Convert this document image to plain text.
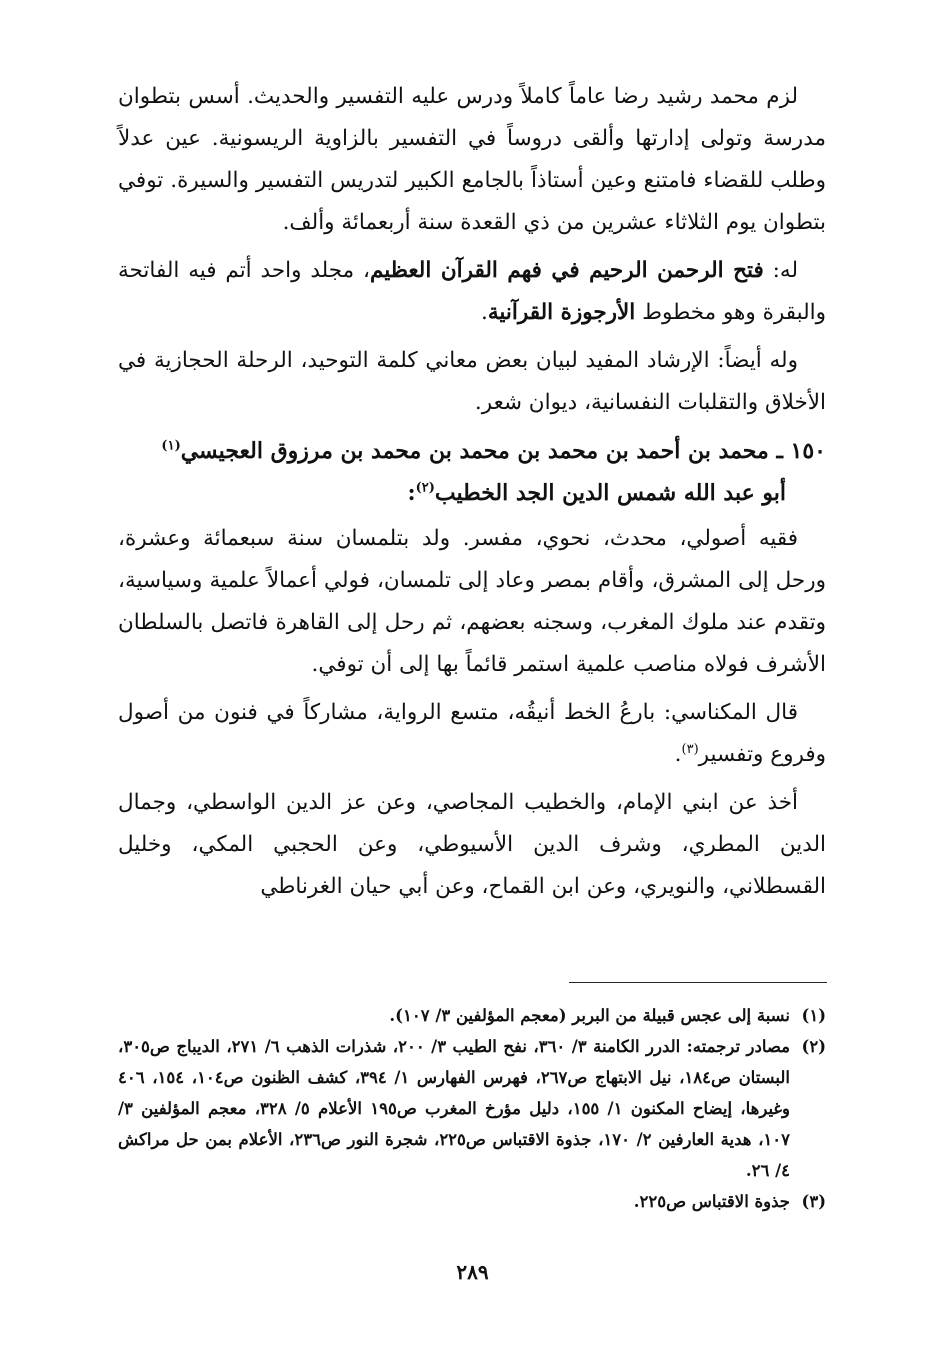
لزم محمد رشيد رضا عاماً كاملاً ودرس عليه التفسير والحديث. أسس بتطوان مدرسة وتولى إدارتها وألقى دروساً في التفسير بالزاوية الريسونية. عين عدلاً وطلب للقضاء فامتنع وعين أستاذاً بالجامع الكبير لتدريس التفسير والسيرة. توفي بتطوان يوم الثلاثاء عشرين من ذي القعدة سنة أربعمائة وألف.

له: فتح الرحمن الرحيم في فهم القرآن العظيم، مجلد واحد أتم فيه الفاتحة والبقرة وهو مخطوط الأرجوزة القرآنية.

وله أيضاً: الإرشاد المفيد لبيان بعض معاني كلمة التوحيد، الرحلة الحجازية في الأخلاق والتقلبات النفسانية، ديوان شعر.

١٥٠ ـ محمد بن أحمد بن محمد بن محمد بن محمد بن مرزوق العجيسي$^{(١)}$
أبو عبد الله شمس الدين الجد الخطيب$^{(٢)}$:

فقيه أصولي، محدث، نحوي، مفسر. ولد بتلمسان سنة سبعمائة وعشرة، ورحل إلى المشرق، وأقام بمصر وعاد إلى تلمسان، فولي أعمالاً علمية وسياسية، وتقدم عند ملوك المغرب، وسجنه بعضهم، ثم رحل إلى القاهرة فاتصل بالسلطان الأشرف فولاه مناصب علمية استمر قائماً بها إلى أن توفي.

قال المكناسي: بارعُ الخط أنيقُه، متسع الرواية، مشاركاً في فنون من أصول وفروع وتفسير$^{(٣)}$.

أخذ عن ابني الإمام، والخطيب المجاصي، وعن عز الدين الواسطي، وجمال الدين المطري، وشرف الدين الأسيوطي، وعن الحجبي المكي، وخليل القسطلاني، والنويري، وعن ابن القماح، وعن أبي حيان الغرناطي

(١)
نسبة إلى عجس قبيلة من البربر (معجم المؤلفين ٣/ ١٠٧).
(٢)
مصادر ترجمته: الدرر الكامنة ٣/ ٣٦٠، نفح الطيب ٣/ ٢٠٠، شذرات الذهب ٦/ ٢٧١، الديباج ص٣٠٥، البستان ص١٨٤، نيل الابتهاج ص٢٦٧، فهرس الفهارس ١/ ٣٩٤، كشف الظنون ص١٠٤، ١٥٤، ٤٠٦ وغيرها، إيضاح المكنون ١/ ١٥٥، دليل مؤرخ المغرب ص١٩٥ الأعلام ٥/ ٣٢٨، معجم المؤلفين ٣/ ١٠٧، هدية العارفين ٢/ ١٧٠، جذوة الاقتباس ص٢٢٥، شجرة النور ص٢٣٦، الأعلام بمن حل مراكش ٤/ ٢٦.
(٣)
جذوة الاقتباس ص٢٢٥.
٢٨٩
